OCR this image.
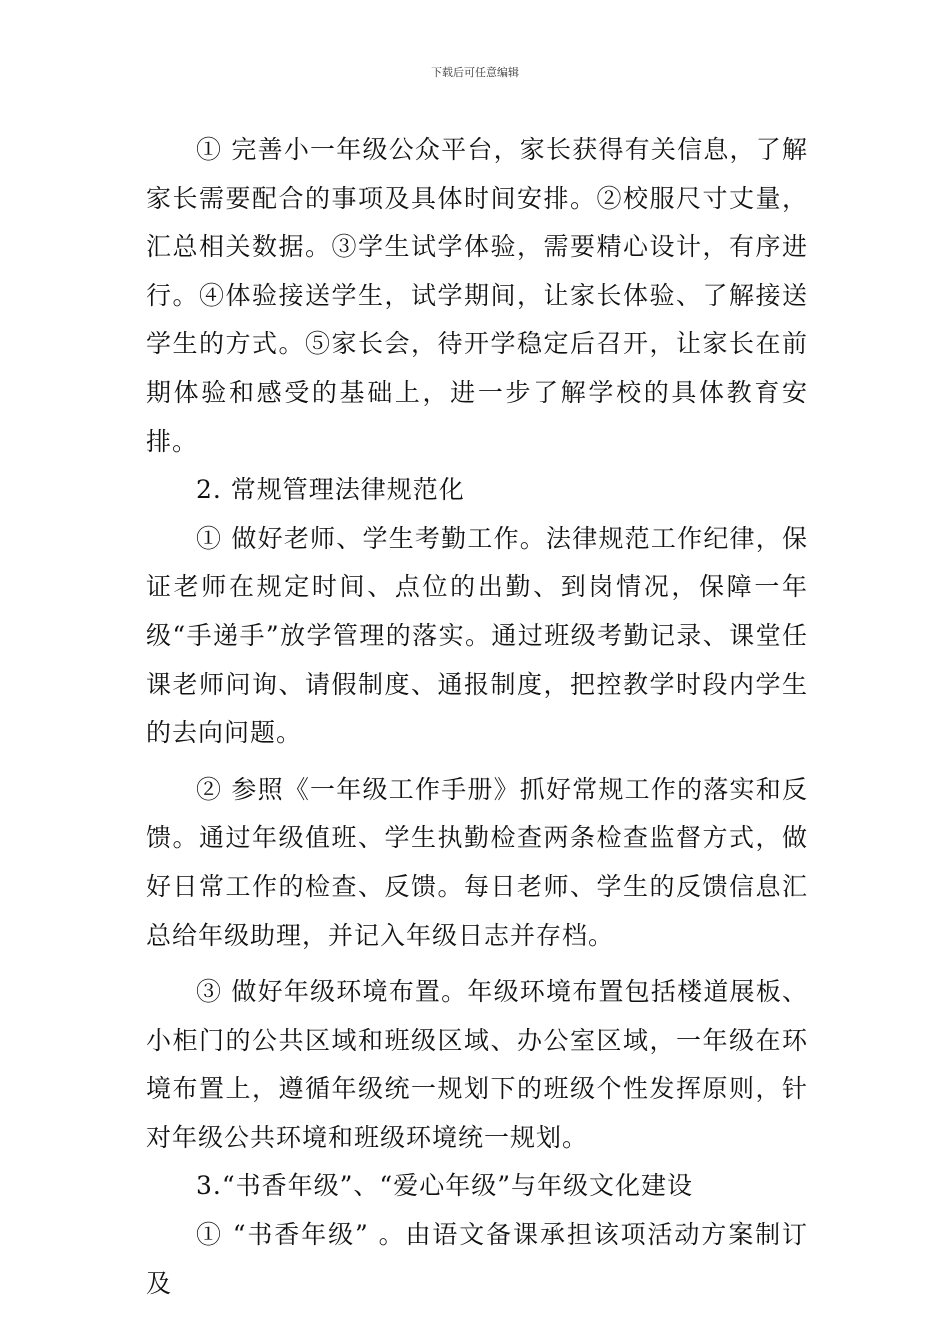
下载后可任意编辑

① 完善小一年级公众平台，家长获得有关信息，了解家长需要配合的事项及具体时间安排。②校服尺寸丈量，汇总相关数据。③学生试学体验，需要精心设计，有序进行。④体验接送学生，试学期间，让家长体验、了解接送学生的方式。⑤家长会，待开学稳定后召开，让家长在前期体验和感受的基础上，进一步了解学校的具体教育安排。

2. 常规管理法律规范化

① 做好老师、学生考勤工作。法律规范工作纪律，保证老师在规定时间、点位的出勤、到岗情况，保障一年级“手递手”放学管理的落实。通过班级考勤记录、课堂任课老师问询、请假制度、通报制度，把控教学时段内学生的去向问题。

② 参照《一年级工作手册》抓好常规工作的落实和反馈。通过年级值班、学生执勤检查两条检查监督方式，做好日常工作的检查、反馈。每日老师、学生的反馈信息汇总给年级助理，并记入年级日志并存档。

③ 做好年级环境布置。年级环境布置包括楼道展板、小柜门的公共区域和班级区域、办公室区域，一年级在环境布置上，遵循年级统一规划下的班级个性发挥原则，针对年级公共环境和班级环境统一规划。

3.“书香年级”、“爱心年级”与年级文化建设

① “书香年级” 。由语文备课承担该项活动方案制订及
